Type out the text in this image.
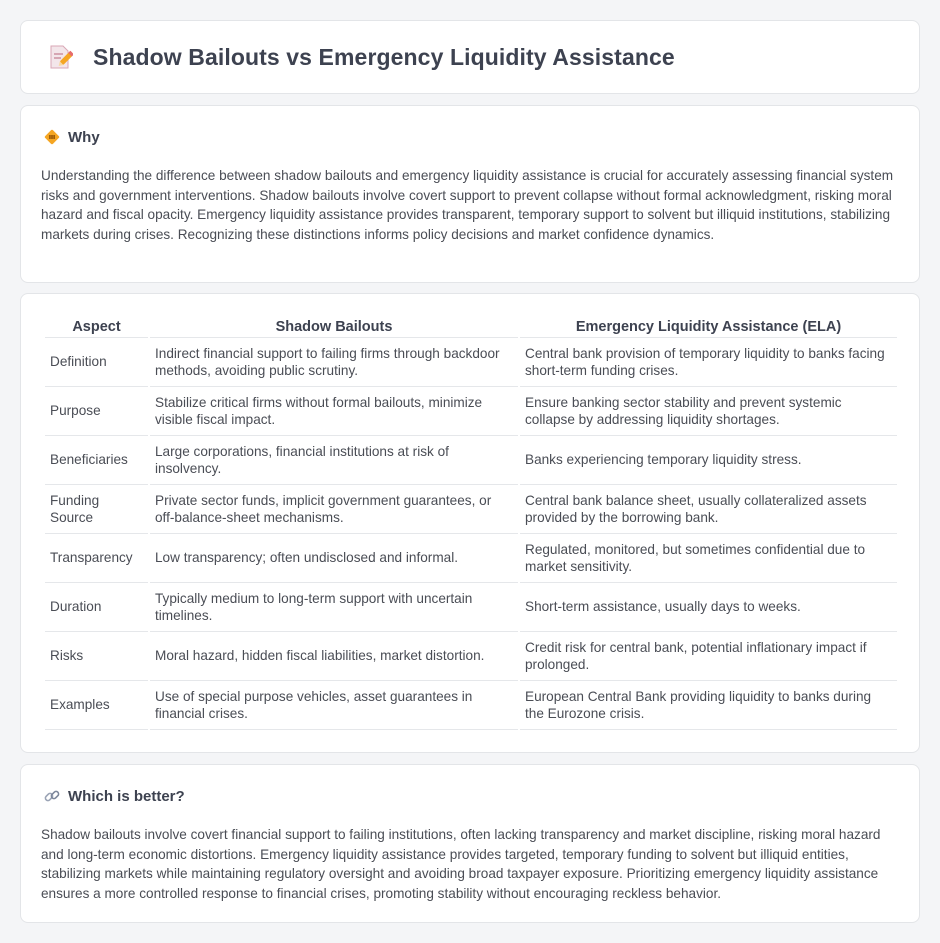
Shadow Bailouts vs Emergency Liquidity Assistance
Why
Understanding the difference between shadow bailouts and emergency liquidity assistance is crucial for accurately assessing financial system risks and government interventions. Shadow bailouts involve covert support to prevent collapse without formal acknowledgment, risking moral hazard and fiscal opacity. Emergency liquidity assistance provides transparent, temporary support to solvent but illiquid institutions, stabilizing markets during crises. Recognizing these distinctions informs policy decisions and market confidence dynamics.
Aspect	Shadow Bailouts	Emergency Liquidity Assistance (ELA)
Definition	Indirect financial support to failing firms through backdoor methods, avoiding public scrutiny.	Central bank provision of temporary liquidity to banks facing short-term funding crises.
Purpose	Stabilize critical firms without formal bailouts, minimize visible fiscal impact.	Ensure banking sector stability and prevent systemic collapse by addressing liquidity shortages.
Beneficiaries	Large corporations, financial institutions at risk of insolvency.	Banks experiencing temporary liquidity stress.
Funding Source	Private sector funds, implicit government guarantees, or off-balance-sheet mechanisms.	Central bank balance sheet, usually collateralized assets provided by the borrowing bank.
Transparency	Low transparency; often undisclosed and informal.	Regulated, monitored, but sometimes confidential due to market sensitivity.
Duration	Typically medium to long-term support with uncertain timelines.	Short-term assistance, usually days to weeks.
Risks	Moral hazard, hidden fiscal liabilities, market distortion.	Credit risk for central bank, potential inflationary impact if prolonged.
Examples	Use of special purpose vehicles, asset guarantees in financial crises.	European Central Bank providing liquidity to banks during the Eurozone crisis.
Which is better?
Shadow bailouts involve covert financial support to failing institutions, often lacking transparency and market discipline, risking moral hazard and long-term economic distortions. Emergency liquidity assistance provides targeted, temporary funding to solvent but illiquid entities, stabilizing markets while maintaining regulatory oversight and avoiding broad taxpayer exposure. Prioritizing emergency liquidity assistance ensures a more controlled response to financial crises, promoting stability without encouraging reckless behavior.
